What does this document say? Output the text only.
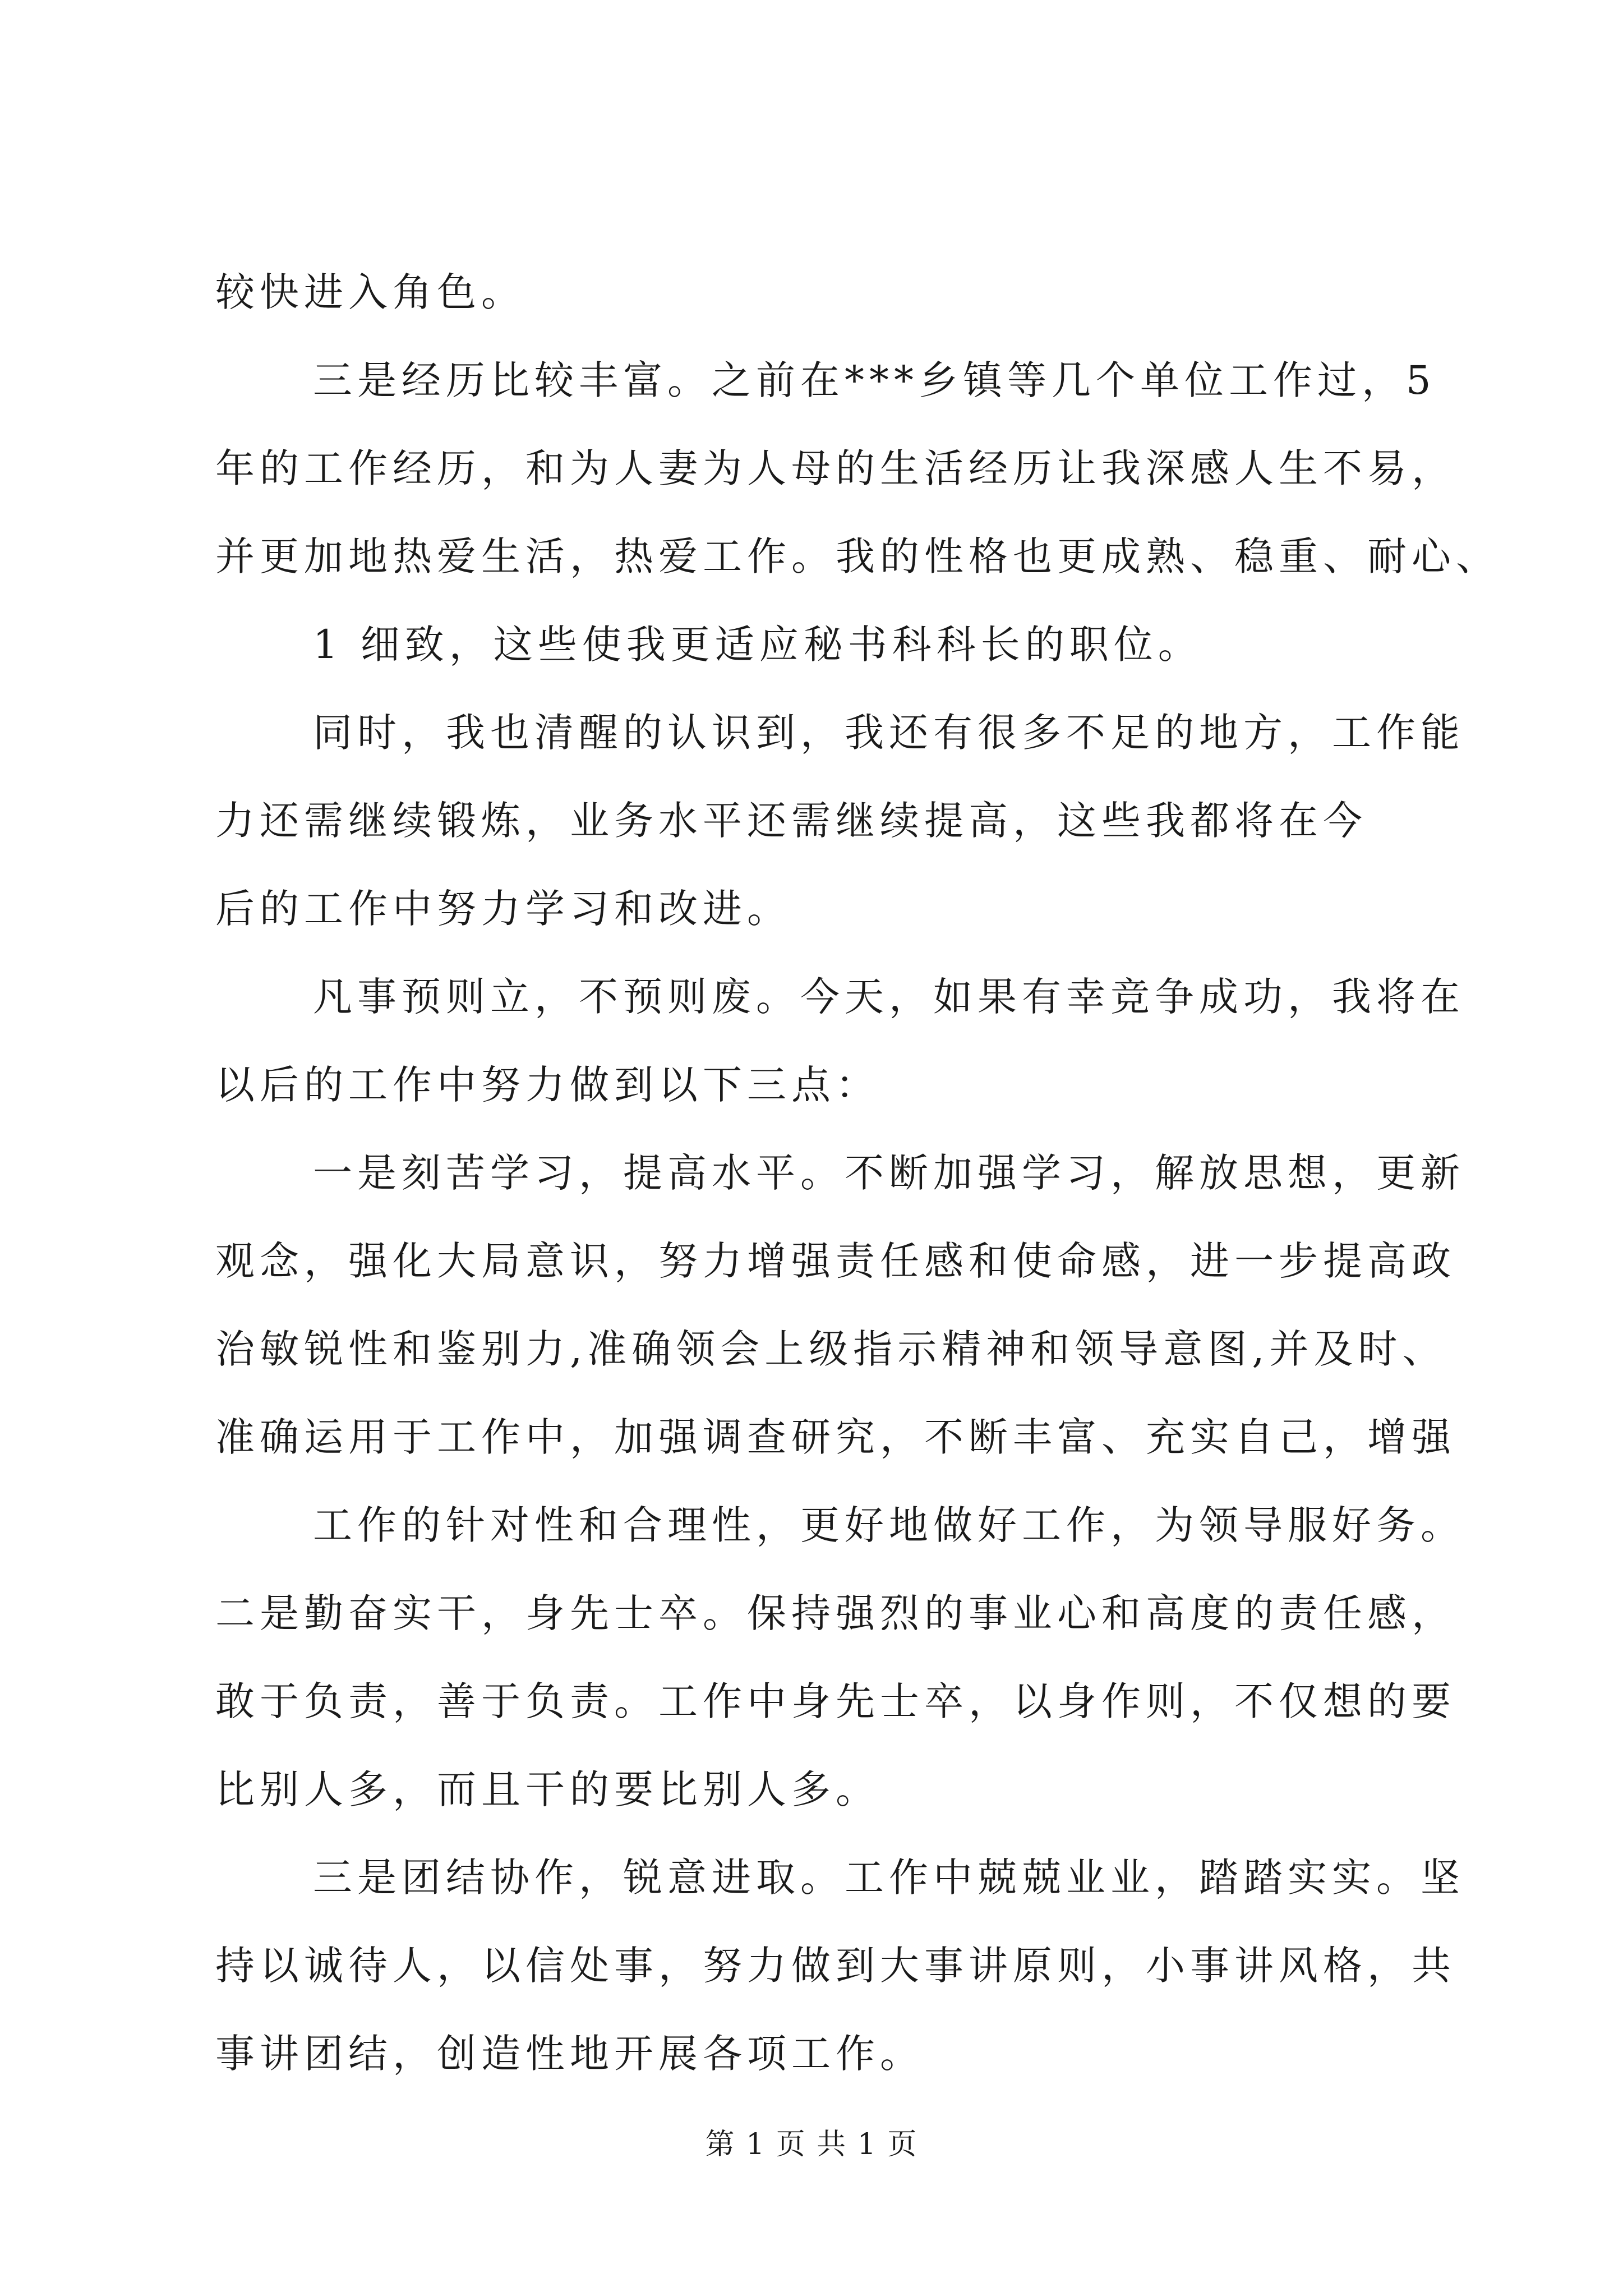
较快进入角色。
三是经历比较丰富。之前在***乡镇等几个单位工作过，5
年的工作经历，和为人妻为人母的生活经历让我深感人生不易，
并更加地热爱生活，热爱工作。我的性格也更成熟、稳重、耐心、
1 细致，这些使我更适应秘书科科长的职位。
同时，我也清醒的认识到，我还有很多不足的地方，工作能
力还需继续锻炼，业务水平还需继续提高，这些我都将在今
后的工作中努力学习和改进。
凡事预则立，不预则废。今天，如果有幸竞争成功，我将在
以后的工作中努力做到以下三点：
一是刻苦学习，提高水平。不断加强学习，解放思想，更新
观念，强化大局意识，努力增强责任感和使命感，进一步提高政
治敏锐性和鉴别力,准确领会上级指示精神和领导意图,并及时、
准确运用于工作中，加强调查研究，不断丰富、充实自己，增强
工作的针对性和合理性，更好地做好工作，为领导服好务。
二是勤奋实干，身先士卒。保持强烈的事业心和高度的责任感，
敢于负责，善于负责。工作中身先士卒，以身作则，不仅想的要
比别人多，而且干的要比别人多。
三是团结协作，锐意进取。工作中兢兢业业，踏踏实实。坚
持以诚待人，以信处事，努力做到大事讲原则，小事讲风格，共
事讲团结，创造性地开展各项工作。
第 1 页 共 1 页
